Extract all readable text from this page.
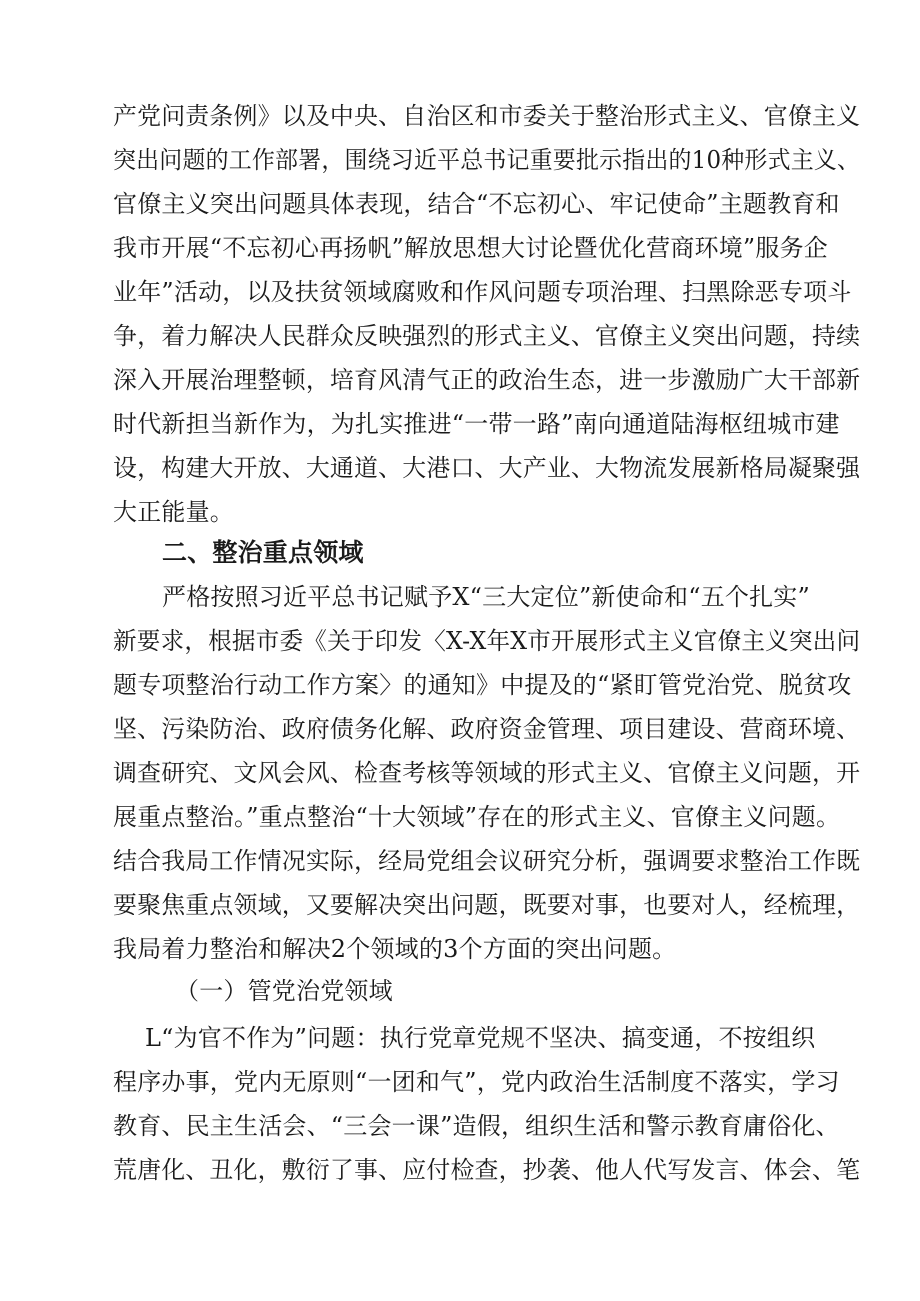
产党问责条例》以及中央、自治区和市委关于整治形式主义、官僚主义
突出问题的工作部署，围绕习近平总书记重要批示指出的10种形式主义、
官僚主义突出问题具体表现，结合“不忘初心、牢记使命”主题教育和
我市开展“不忘初心再扬帆”解放思想大讨论暨优化营商环境”服务企
业年”活动，以及扶贫领域腐败和作风问题专项治理、扫黑除恶专项斗
争，着力解决人民群众反映强烈的形式主义、官僚主义突出问题，持续
深入开展治理整顿，培育风清气正的政治生态，进一步激励广大干部新
时代新担当新作为，为扎实推进“一带一路”南向通道陆海枢纽城市建
设，构建大开放、大通道、大港口、大产业、大物流发展新格局凝聚强
大正能量。
二、整治重点领域
严格按照习近平总书记赋予X“三大定位”新使命和“五个扎实”
新要求，根据市委《关于印发〈X-X年X市开展形式主义官僚主义突出问
题专项整治行动工作方案〉的通知》中提及的“紧盯管党治党、脱贫攻
坚、污染防治、政府债务化解、政府资金管理、项目建设、营商环境、
调查研究、文风会风、检查考核等领域的形式主义、官僚主义问题，开
展重点整治。”重点整治“十大领域”存在的形式主义、官僚主义问题。
结合我局工作情况实际，经局党组会议研究分析，强调要求整治工作既
要聚焦重点领域，又要解决突出问题，既要对事，也要对人，经梳理，
我局着力整治和解决2个领域的3个方面的突出问题。
（一）管党治党领域
L“为官不作为”问题：执行党章党规不坚决、搞变通，不按组织
程序办事，党内无原则“一团和气”，党内政治生活制度不落实，学习
教育、民主生活会、“三会一课”造假，组织生活和警示教育庸俗化、
荒唐化、丑化，敷衍了事、应付检查，抄袭、他人代写发言、体会、笔
